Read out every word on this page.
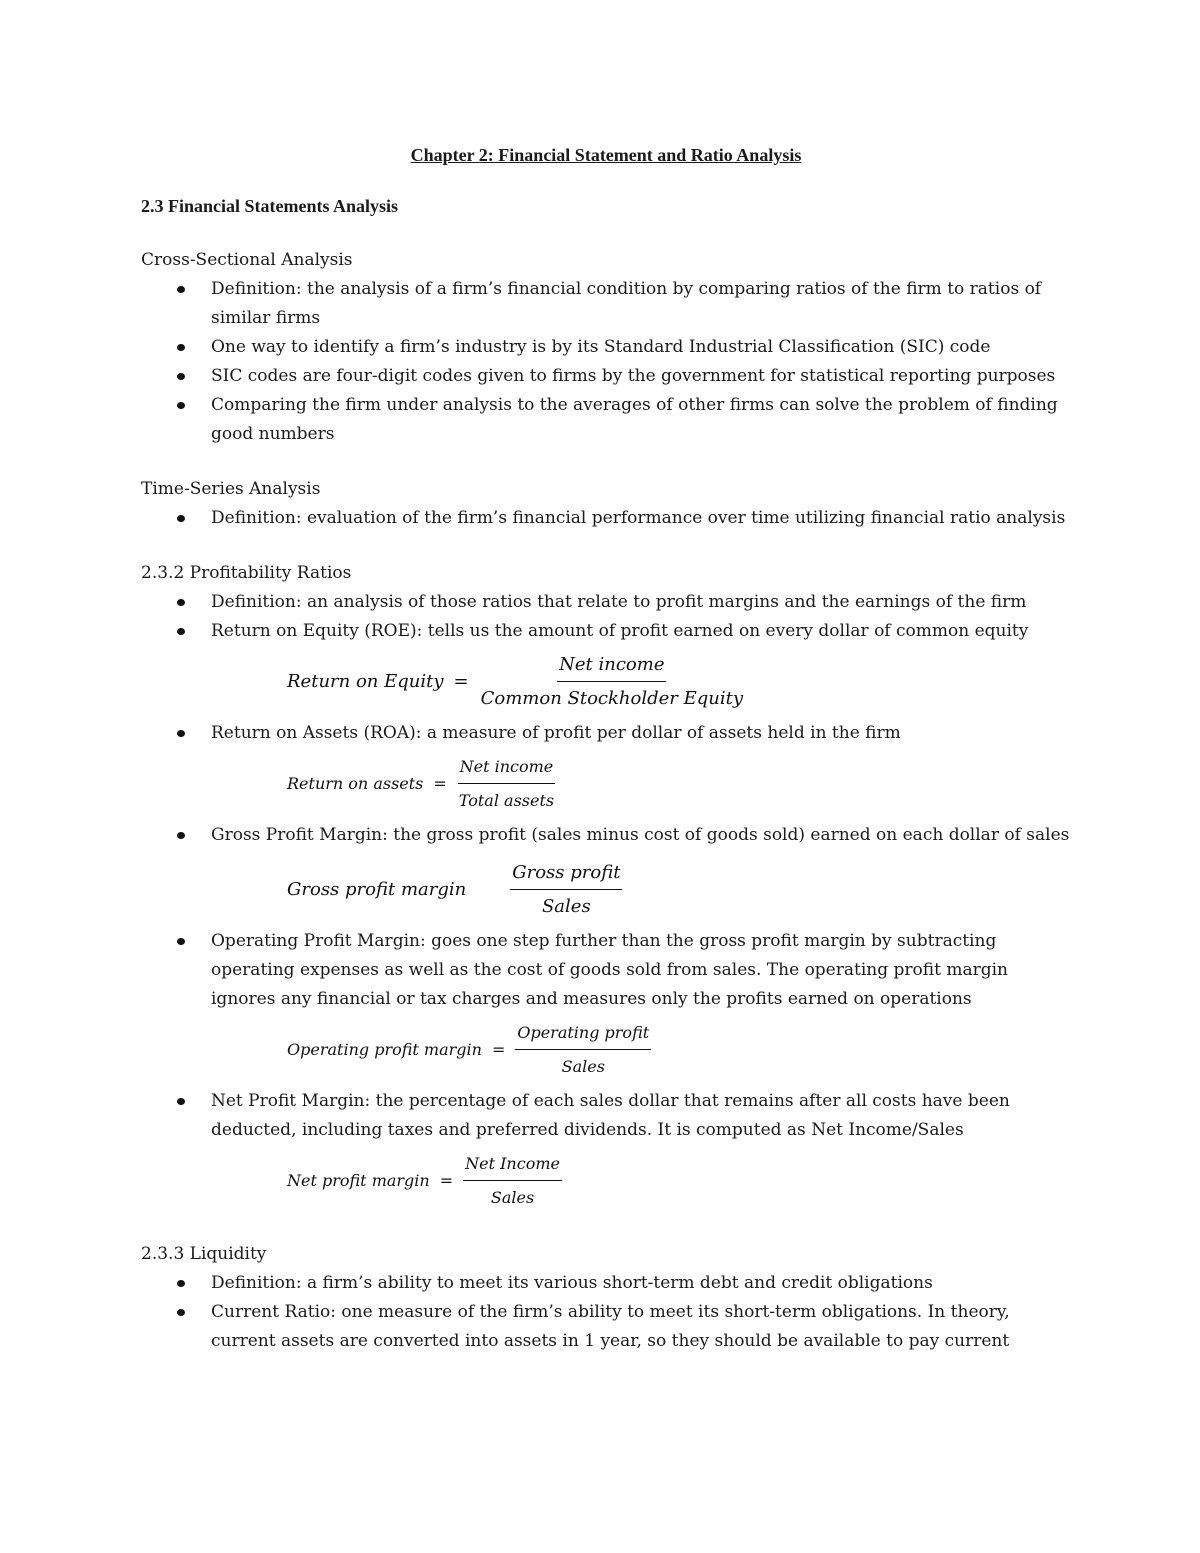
Chapter 2: Financial Statement and Ratio Analysis
2.3 Financial Statements Analysis
Cross-Sectional Analysis
Definition: the analysis of a firm’s financial condition by comparing ratios of the firm to ratios of similar firms
One way to identify a firm’s industry is by its Standard Industrial Classification (SIC) code
SIC codes are four-digit codes given to firms by the government for statistical reporting purposes
Comparing the firm under analysis to the averages of other firms can solve the problem of finding good numbers
Time-Series Analysis
Definition: evaluation of the firm’s financial performance over time utilizing financial ratio analysis
2.3.2 Profitability Ratios
Definition: an analysis of those ratios that relate to profit margins and the earnings of the firm
Return on Equity (ROE): tells us the amount of profit earned on every dollar of common equity
Return on Equity = $\frac{\text{Net income}}{\text{Common Stockholder Equity}}$
Return on Assets (ROA): a measure of profit per dollar of assets held in the firm
Return on assets = $\frac{\text{Net income}}{\text{Total assets}}$
Gross Profit Margin: the gross profit (sales minus cost of goods sold) earned on each dollar of sales
Gross profit margin $\frac{\text{Gross profit}}{\text{Sales}}$
Operating Profit Margin: goes one step further than the gross profit margin by subtracting operating expenses as well as the cost of goods sold from sales. The operating profit margin ignores any financial or tax charges and measures only the profits earned on operations
Operating profit margin = $\frac{\text{Operating profit}}{\text{Sales}}$
Net Profit Margin: the percentage of each sales dollar that remains after all costs have been deducted, including taxes and preferred dividends. It is computed as Net Income/Sales
Net profit margin = $\frac{\text{Net Income}}{\text{Sales}}$
2.3.3 Liquidity
Definition: a firm’s ability to meet its various short-term debt and credit obligations
Current Ratio: one measure of the firm’s ability to meet its short-term obligations. In theory, current assets are converted into assets in 1 year, so they should be available to pay current
